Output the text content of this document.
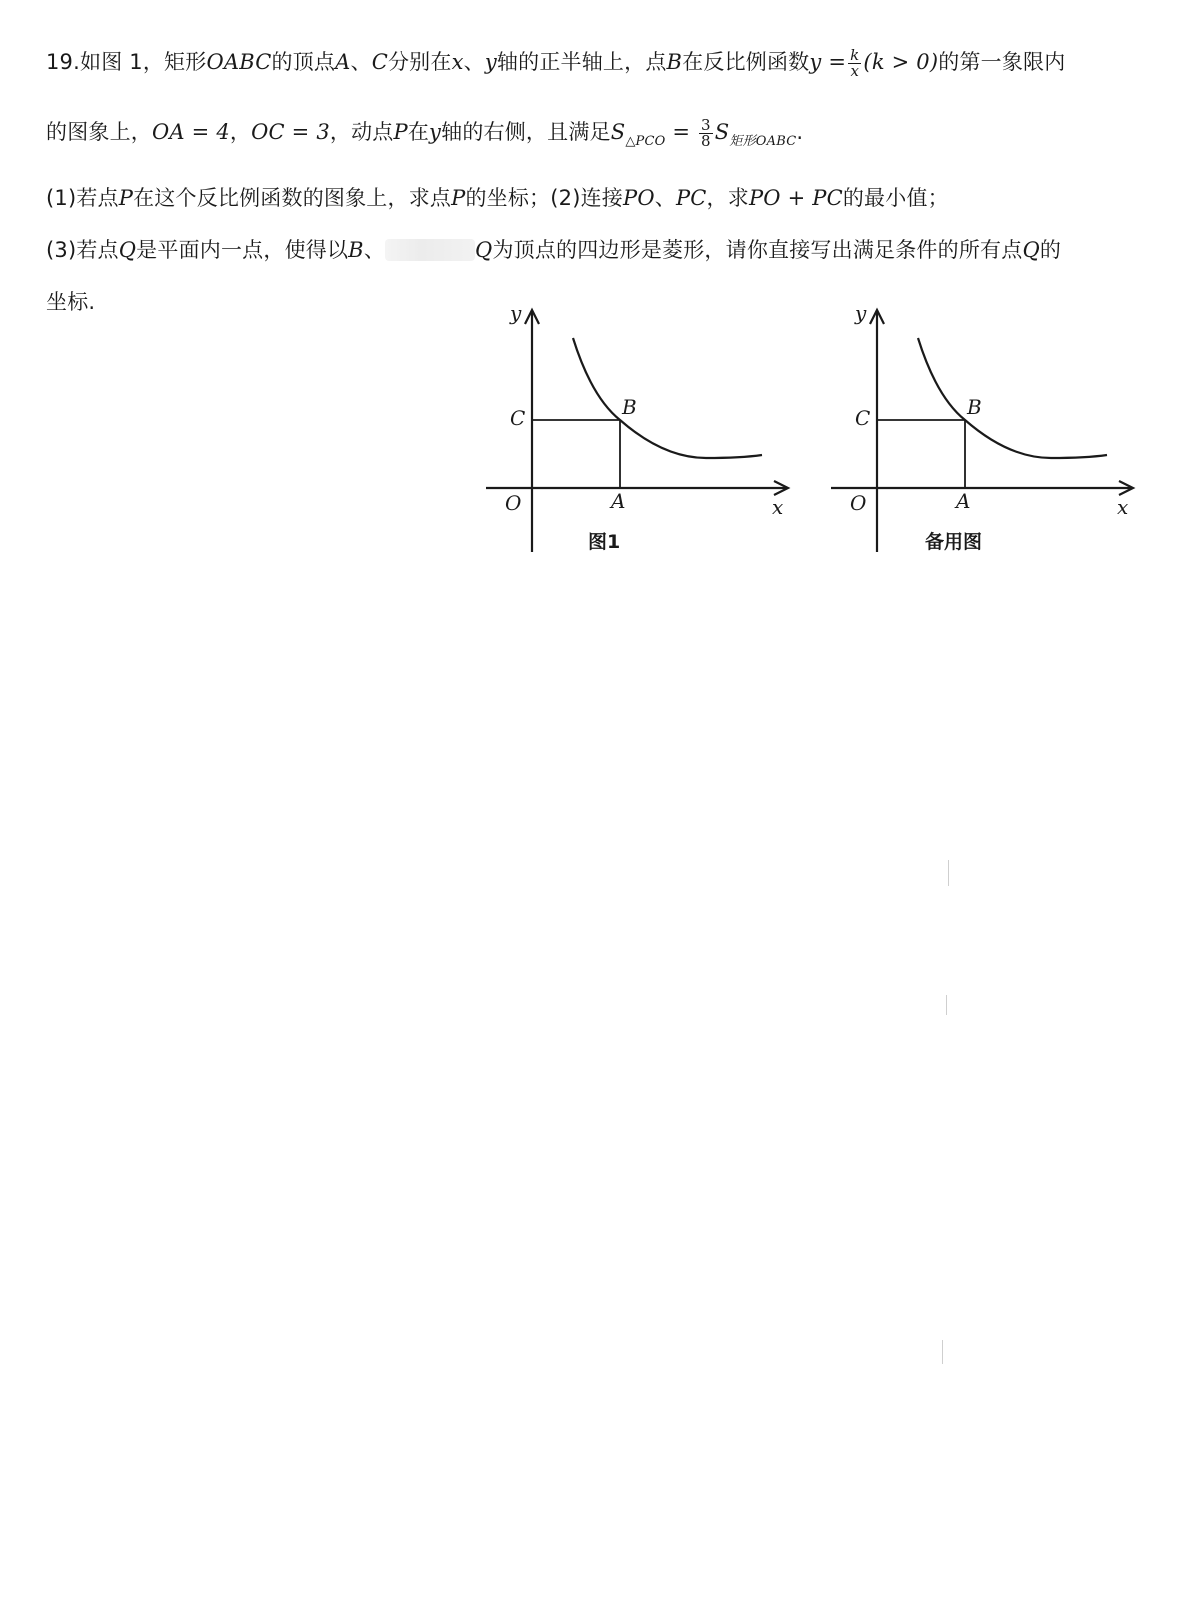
19.如图 1，矩形OABC的顶点A、C分别在x、y轴的正半轴上，点B在反比例函数$y = \frac{k}{x} (k > 0)$的第一象限内
的图象上，OA = 4，OC = 3，动点P在y轴的右侧，且满足$S_{\triangle PCO} = \frac{3}{8} S_{矩形OABC}$.
(1)若点P在这个反比例函数的图象上，求点P的坐标；(2)连接PO、PC，求PO + PC的最小值；
(3)若点Q是平面内一点，使得以B、	Q为顶点的四边形是菱形，请你直接写出满足条件的所有点Q的
坐标.	y
x
O
C	B
A
图1
y
x
O
C	B
A
备用图
